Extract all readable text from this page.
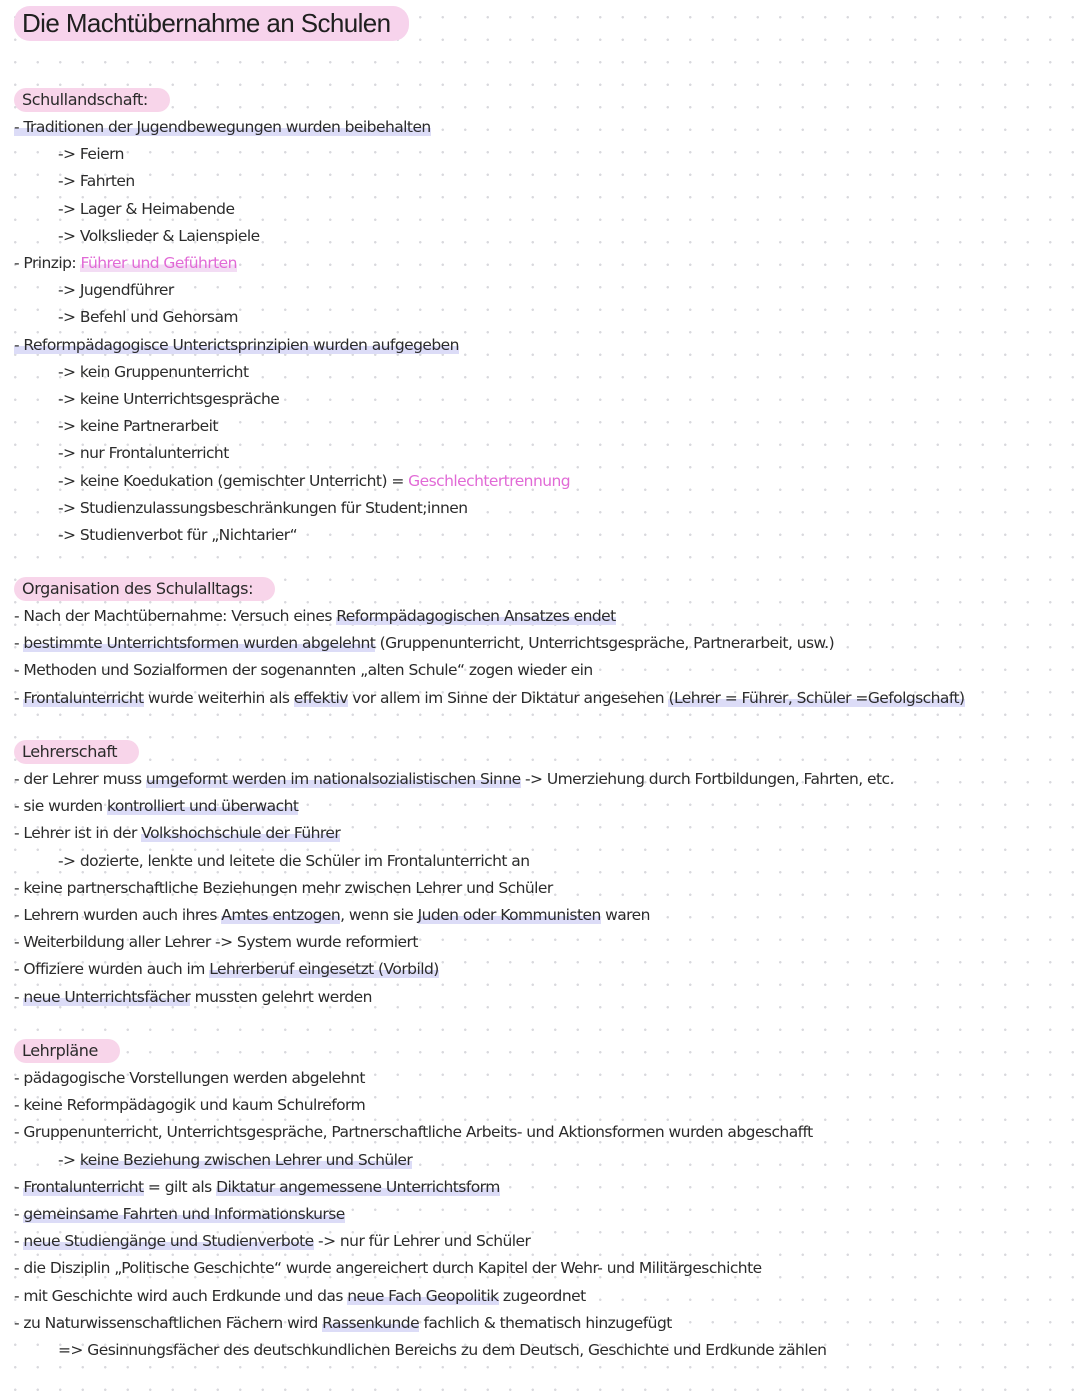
Die Machtübernahme an Schulen
Schullandschaft:
- Traditionen der Jugendbewegungen wurden beibehalten
-> Feiern
-> Fahrten
-> Lager & Heimabende
-> Volkslieder & Laienspiele
- Prinzip: Führer und Geführten
-> Jugendführer
-> Befehl und Gehorsam
- Reformpädagogisce Unterictsprinzipien wurden aufgegeben
-> kein Gruppenunterricht
-> keine Unterrichtsgespräche
-> keine Partnerarbeit
-> nur Frontalunterricht
-> keine Koedukation (gemischter Unterricht) = Geschlechtertrennung
-> Studienzulassungsbeschränkungen für Student;innen
-> Studienverbot für „Nichtarier“
Organisation des Schulalltags:
- Nach der Machtübernahme: Versuch eines Reformpädagogischen Ansatzes endet
- bestimmte Unterrichtsformen wurden abgelehnt (Gruppenunterricht, Unterrichtsgespräche, Partnerarbeit, usw.)
- Methoden und Sozialformen der sogenannten „alten Schule“ zogen wieder ein
- Frontalunterricht wurde weiterhin als effektiv vor allem im Sinne der Diktatur angesehen (Lehrer = Führer, Schüler =Gefolgschaft)
Lehrerschaft
- der Lehrer muss umgeformt werden im nationalsozialistischen Sinne -> Umerziehung durch Fortbildungen, Fahrten, etc.
- sie wurden kontrolliert und überwacht
- Lehrer ist in der Volkshochschule der Führer
-> dozierte, lenkte und leitete die Schüler im Frontalunterricht an
- keine partnerschaftliche Beziehungen mehr zwischen Lehrer und Schüler
- Lehrern wurden auch ihres Amtes entzogen, wenn sie Juden oder Kommunisten waren
- Weiterbildung aller Lehrer -> System wurde reformiert
- Offiziere wurden auch im Lehrerberuf eingesetzt (Vorbild)
- neue Unterrichtsfächer mussten gelehrt werden
Lehrpläne
- pädagogische Vorstellungen werden abgelehnt
- keine Reformpädagogik und kaum Schulreform
- Gruppenunterricht, Unterrichtsgespräche, Partnerschaftliche Arbeits- und Aktionsformen wurden abgeschafft
-> keine Beziehung zwischen Lehrer und Schüler
- Frontalunterricht = gilt als Diktatur angemessene Unterrichtsform
- gemeinsame Fahrten und Informationskurse
- neue Studiengänge und Studienverbote -> nur für Lehrer und Schüler
- die Disziplin „Politische Geschichte“ wurde angereichert durch Kapitel der Wehr- und Militärgeschichte
- mit Geschichte wird auch Erdkunde und das neue Fach Geopolitik zugeordnet
- zu Naturwissenschaftlichen Fächern wird Rassenkunde fachlich & thematisch hinzugefügt
=> Gesinnungsfächer des deutschkundlichen Bereichs zu dem Deutsch, Geschichte und Erdkunde zählen
